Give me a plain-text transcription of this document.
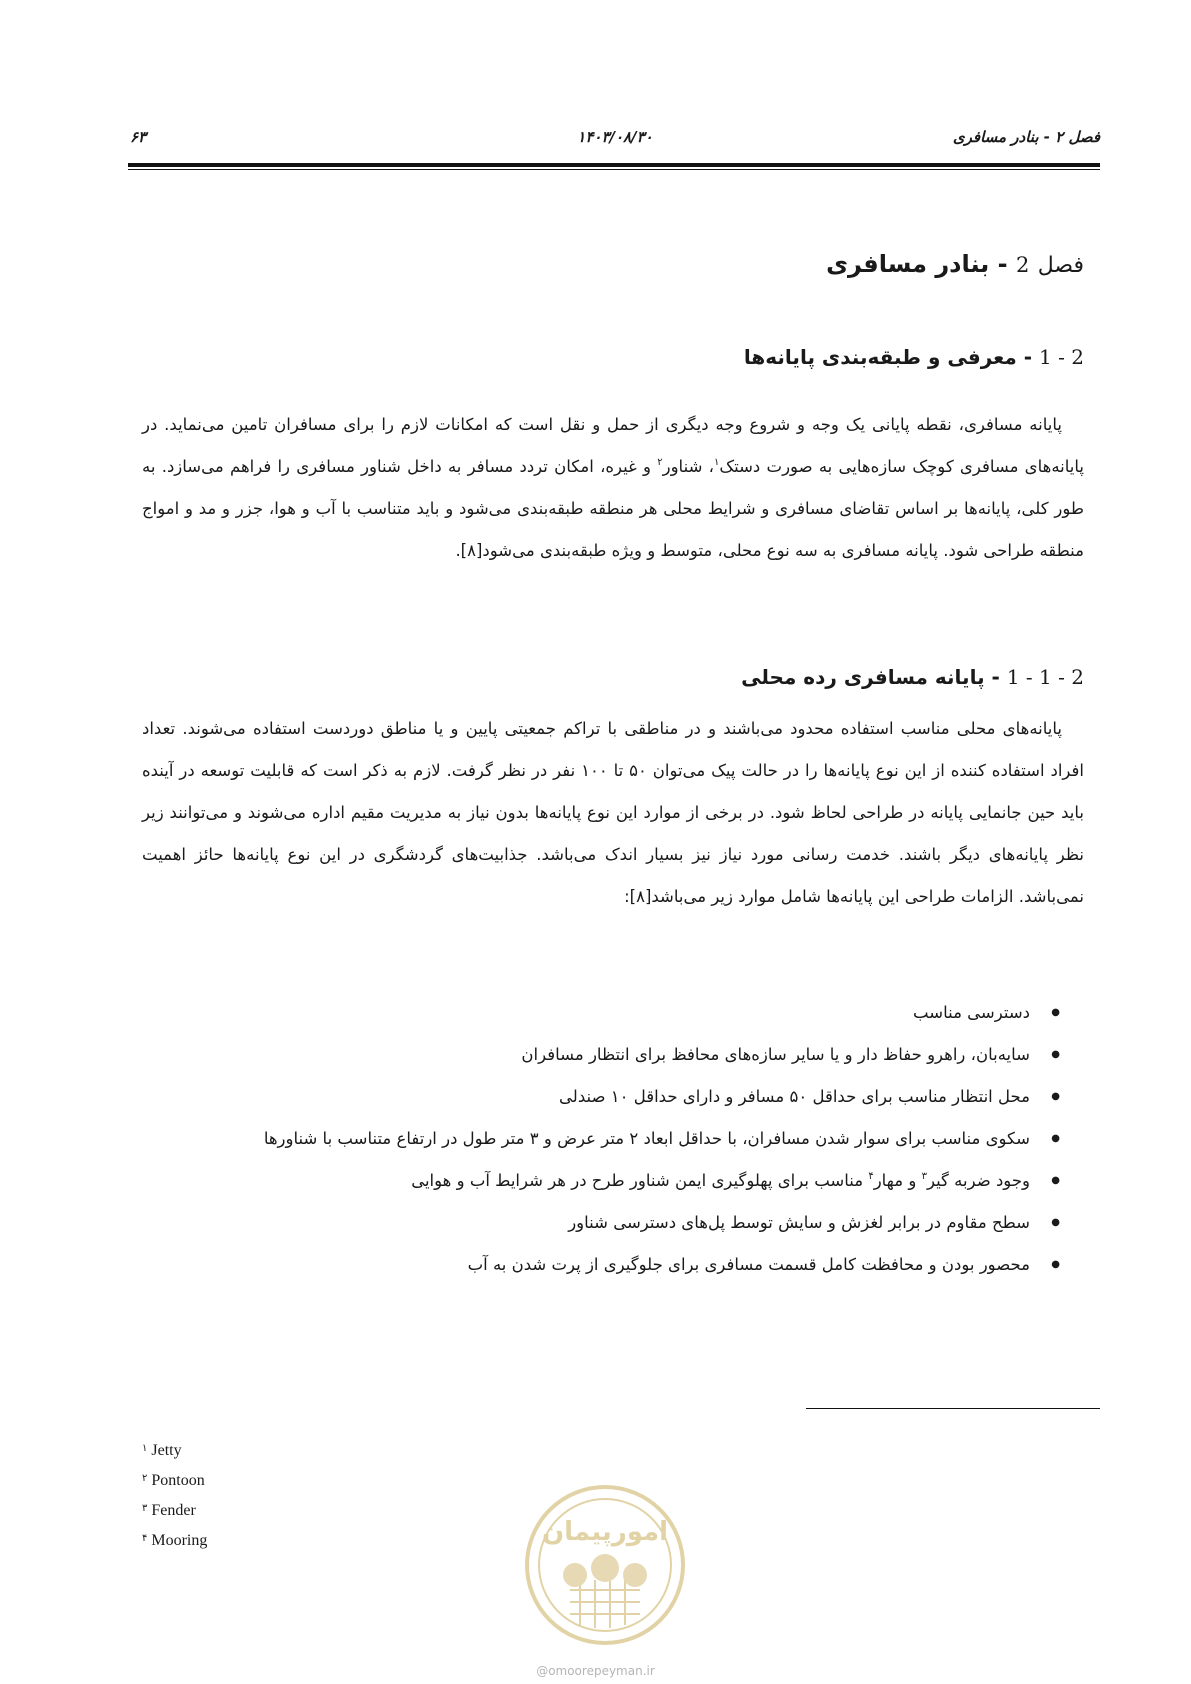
فصل ۲ - بنادر مسافری
۱۴۰۳/۰۸/۳۰
۶۳
فصل 2 - بنادر مسافری
2 - 1 - معرفی و طبقه‌بندی پایانه‌ها
پایانه مسافری، نقطه پایانی یک وجه و شروع وجه دیگری از حمل و نقل است که امکانات لازم را برای مسافران تامین می‌نماید. در پایانه‌های مسافری کوچک سازه‌هایی به صورت دستک$^۱$، شناور$^۲$ و غیره، امکان تردد مسافر به داخل شناور مسافری را فراهم می‌سازد. به طور کلی، پایانه‌ها بر اساس تقاضای مسافری و شرایط محلی هر منطقه طبقه‌بندی می‌شود و باید متناسب با آب و هوا، جزر و مد و امواج منطقه طراحی شود. پایانه مسافری به سه نوع محلی، متوسط و ویژه طبقه‌بندی می‌شود[۸].
2 - 1 - 1 - پایانه مسافری رده محلی
پایانه‌های محلی مناسب استفاده محدود می‌باشند و در مناطقی با تراکم جمعیتی پایین و یا مناطق دوردست استفاده می‌شوند. تعداد افراد استفاده کننده از این نوع پایانه‌ها را در حالت پیک می‌توان ۵۰ تا ۱۰۰ نفر در نظر گرفت. لازم به ذکر است که قابلیت توسعه در آینده باید حین جانمایی پایانه در طراحی لحاظ شود. در برخی از موارد این نوع پایانه‌ها بدون نیاز به مدیریت مقیم اداره می‌شوند و می‌توانند زیر نظر پایانه‌های دیگر باشند. خدمت رسانی مورد نیاز نیز بسیار اندک می‌باشد. جذابیت‌های گردشگری در این نوع پایانه‌ها حائز اهمیت نمی‌باشد. الزامات طراحی این پایانه‌ها شامل موارد زیر می‌باشد[۸]:
● دسترسی مناسب
● سایه‌بان، راهرو حفاظ دار و یا سایر سازه‌های محافظ برای انتظار مسافران
● محل انتظار مناسب برای حداقل ۵۰ مسافر و دارای حداقل ۱۰ صندلی
● سکوی مناسب برای سوار شدن مسافران، با حداقل ابعاد ۲ متر عرض و ۳ متر طول در ارتفاع متناسب با شناورها
● وجود ضربه گیر$^۳$ و مهار$^۴$ مناسب برای پهلوگیری ایمن شناور طرح در هر شرایط آب و هوایی
● سطح مقاوم در برابر لغزش و سایش توسط پل‌های دسترسی شناور
● محصور بودن و محافظت کامل قسمت مسافری برای جلوگیری از پرت شدن به آب
$^۱$ Jetty
$^۲$ Pontoon
$^۳$ Fender
$^۴$ Mooring	امورپیمان
@omoorepeyman.ir
